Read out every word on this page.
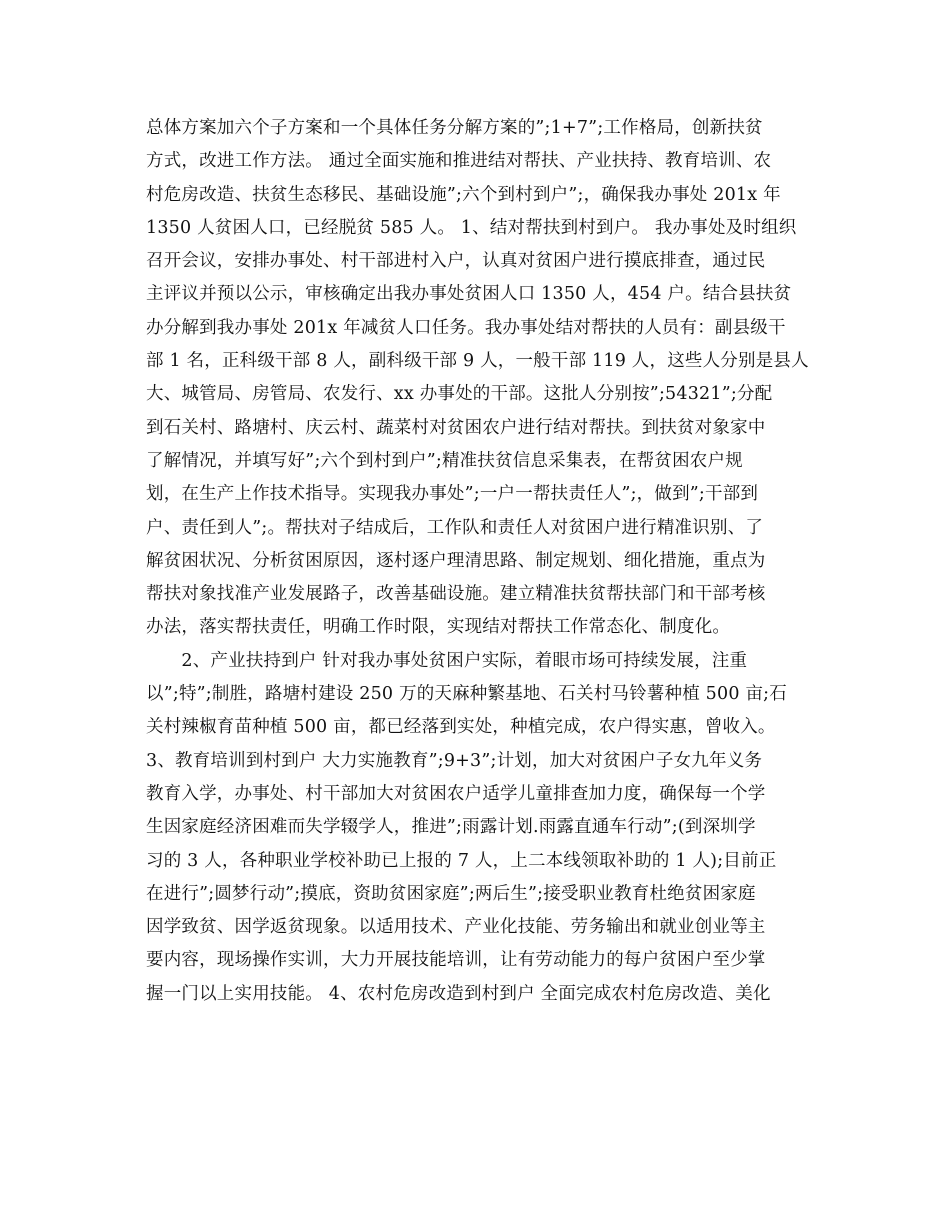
总体方案加六个子方案和一个具体任务分解方案的”;1+7”;工作格局，创新扶贫
方式，改进工作方法。 通过全面实施和推进结对帮扶、产业扶持、教育培训、农
村危房改造、扶贫生态移民、基础设施”;六个到村到户”;，确保我办事处 201x 年
1350 人贫困人口，已经脱贫 585 人。 1、结对帮扶到村到户。 我办事处及时组织
召开会议，安排办事处、村干部进村入户，认真对贫困户进行摸底排查，通过民
主评议并预以公示，审核确定出我办事处贫困人口 1350 人，454 户。结合县扶贫
办分解到我办事处 201x 年减贫人口任务。我办事处结对帮扶的人员有：副县级干
部 1 名，正科级干部 8 人，副科级干部 9 人，一般干部 119 人，这些人分别是县人
大、城管局、房管局、农发行、xx 办事处的干部。这批人分别按”;54321”;分配
到石关村、路塘村、庆云村、蔬菜村对贫困农户进行结对帮扶。到扶贫对象家中
了解情况，并填写好”;六个到村到户”;精准扶贫信息采集表，在帮贫困农户规
划，在生产上作技术指导。实现我办事处”;一户一帮扶责任人”;，做到”;干部到
户、责任到人”;。帮扶对子结成后，工作队和责任人对贫困户进行精准识别、了
解贫困状况、分析贫困原因，逐村逐户理清思路、制定规划、细化措施，重点为
帮扶对象找准产业发展路子，改善基础设施。建立精准扶贫帮扶部门和干部考核
办法，落实帮扶责任，明确工作时限，实现结对帮扶工作常态化、制度化。
　　2、产业扶持到户 针对我办事处贫困户实际，着眼市场可持续发展，注重
以”;特”;制胜，路塘村建设 250 万的天麻种繁基地、石关村马铃薯种植 500 亩;石
关村辣椒育苗种植 500 亩，都已经落到实处，种植完成，农户得实惠，曾收入。
3、教育培训到村到户 大力实施教育”;9+3”;计划，加大对贫困户子女九年义务
教育入学，办事处、村干部加大对贫困农户适学儿童排查加力度，确保每一个学
生因家庭经济困难而失学辍学人，推进”;雨露计划.雨露直通车行动”;(到深圳学
习的 3 人，各种职业学校补助已上报的 7 人，上二本线领取补助的 1 人);目前正
在进行”;圆梦行动”;摸底，资助贫困家庭”;两后生”;接受职业教育杜绝贫困家庭
因学致贫、因学返贫现象。以适用技术、产业化技能、劳务输出和就业创业等主
要内容，现场操作实训，大力开展技能培训，让有劳动能力的每户贫困户至少掌
握一门以上实用技能。 4、农村危房改造到村到户 全面完成农村危房改造、美化
